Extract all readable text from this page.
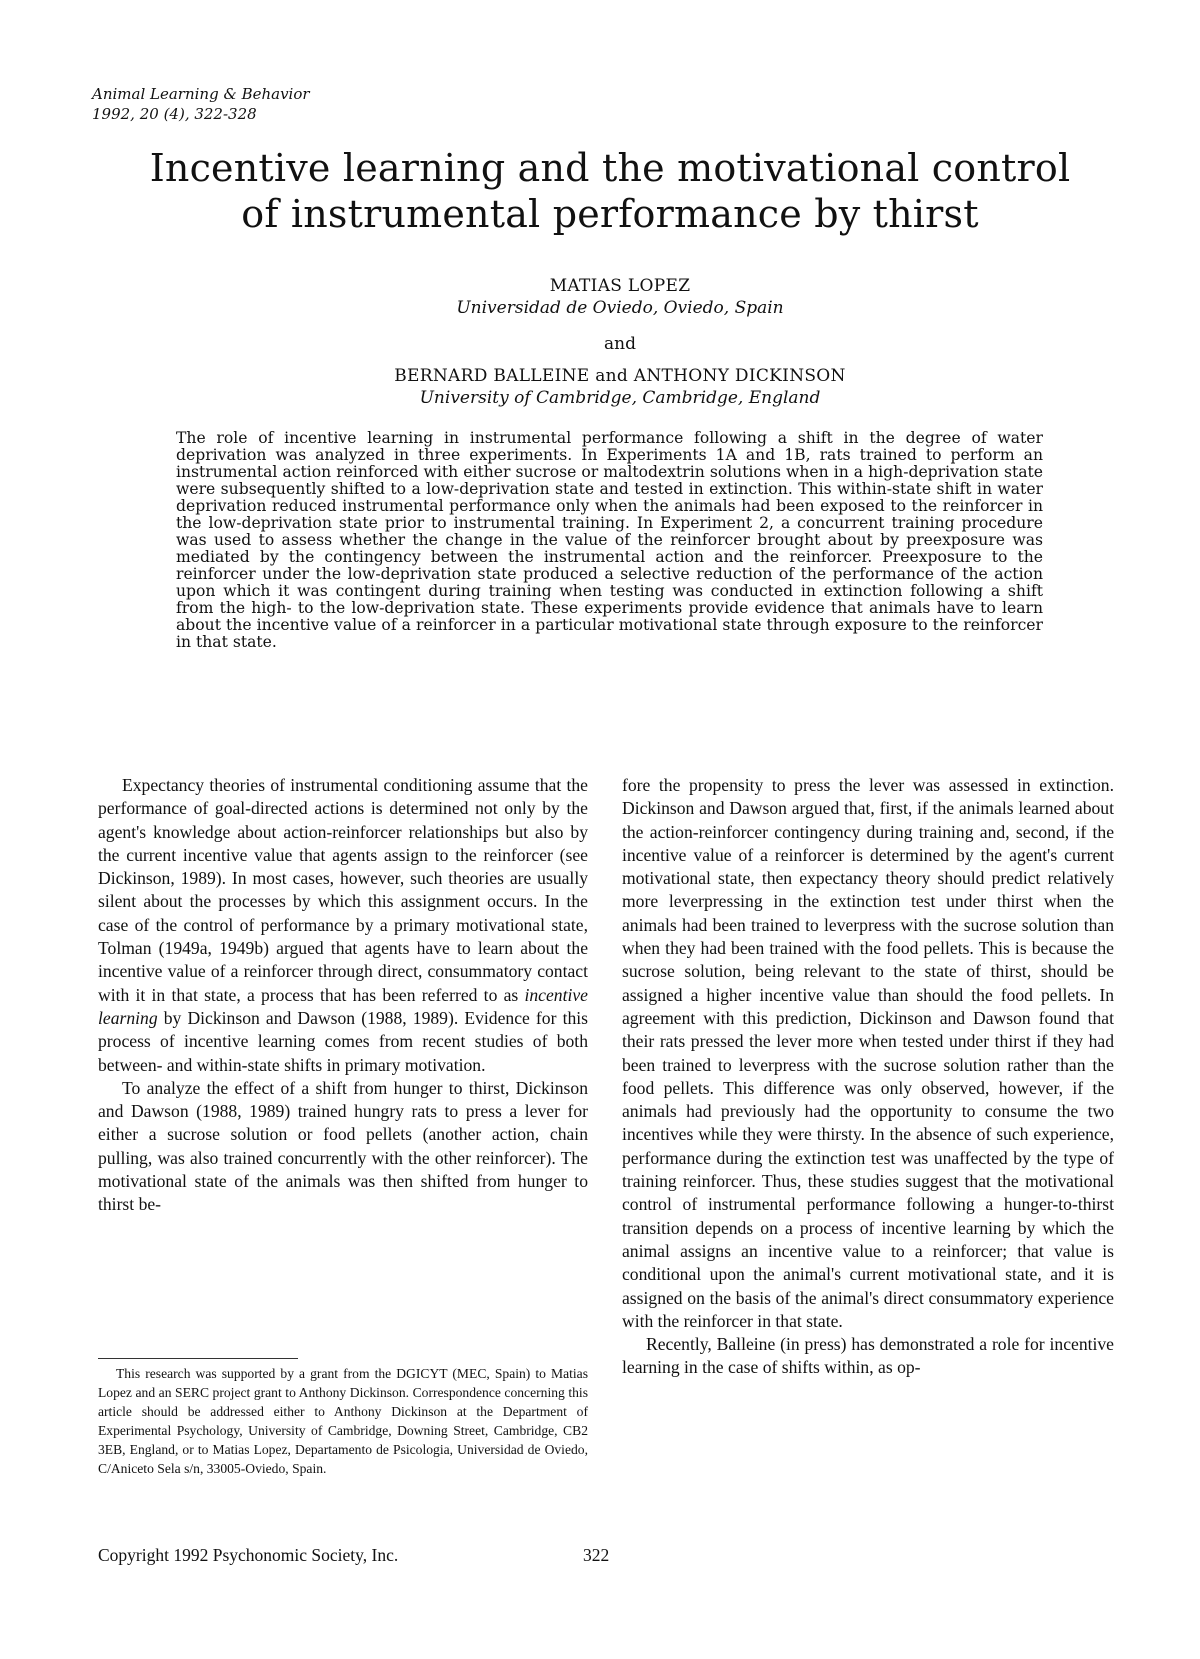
Animal Learning & Behavior
1992, 20 (4), 322-328
Incentive learning and the motivational control
of instrumental performance by thirst
MATIAS LOPEZ
Universidad de Oviedo, Oviedo, Spain
and
BERNARD BALLEINE and ANTHONY DICKINSON
University of Cambridge, Cambridge, England
The role of incentive learning in instrumental performance following a shift in the degree of water deprivation was analyzed in three experiments. In Experiments 1A and 1B, rats trained to perform an instrumental action reinforced with either sucrose or maltodextrin solutions when in a high-deprivation state were subsequently shifted to a low-deprivation state and tested in extinction. This within-state shift in water deprivation reduced instrumental performance only when the animals had been exposed to the reinforcer in the low-deprivation state prior to instrumental training. In Experiment 2, a concurrent training procedure was used to assess whether the change in the value of the reinforcer brought about by preexposure was mediated by the contingency between the instrumental action and the reinforcer. Preexposure to the reinforcer under the low-deprivation state produced a selective reduction of the performance of the action upon which it was contingent during training when testing was conducted in extinction following a shift from the high- to the low-deprivation state. These experiments provide evidence that animals have to learn about the incentive value of a reinforcer in a particular motivational state through exposure to the reinforcer in that state.

Expectancy theories of instrumental conditioning assume that the performance of goal-directed actions is determined not only by the agent's knowledge about action-reinforcer relationships but also by the current incentive value that agents assign to the reinforcer (see Dickinson, 1989). In most cases, however, such theories are usually silent about the processes by which this assignment occurs. In the case of the control of performance by a primary motivational state, Tolman (1949a, 1949b) argued that agents have to learn about the incentive value of a reinforcer through direct, consummatory contact with it in that state, a process that has been referred to as incentive learning by Dickinson and Dawson (1988, 1989). Evidence for this process of incentive learning comes from recent studies of both between- and within-state shifts in primary motivation.

To analyze the effect of a shift from hunger to thirst, Dickinson and Dawson (1988, 1989) trained hungry rats to press a lever for either a sucrose solution or food pellets (another action, chain pulling, was also trained concurrently with the other reinforcer). The motivational state of the animals was then shifted from hunger to thirst be-

fore the propensity to press the lever was assessed in extinction. Dickinson and Dawson argued that, first, if the animals learned about the action-reinforcer contingency during training and, second, if the incentive value of a reinforcer is determined by the agent's current motivational state, then expectancy theory should predict relatively more leverpressing in the extinction test under thirst when the animals had been trained to leverpress with the sucrose solution than when they had been trained with the food pellets. This is because the sucrose solution, being relevant to the state of thirst, should be assigned a higher incentive value than should the food pellets. In agreement with this prediction, Dickinson and Dawson found that their rats pressed the lever more when tested under thirst if they had been trained to leverpress with the sucrose solution rather than the food pellets. This difference was only observed, however, if the animals had previously had the opportunity to consume the two incentives while they were thirsty. In the absence of such experience, performance during the extinction test was unaffected by the type of training reinforcer. Thus, these studies suggest that the motivational control of instrumental performance following a hunger-to-thirst transition depends on a process of incentive learning by which the animal assigns an incentive value to a reinforcer; that value is conditional upon the animal's current motivational state, and it is assigned on the basis of the animal's direct consummatory experience with the reinforcer in that state.

Recently, Balleine (in press) has demonstrated a role for incentive learning in the case of shifts within, as op-

This research was supported by a grant from the DGICYT (MEC, Spain) to Matias Lopez and an SERC project grant to Anthony Dickinson. Correspondence concerning this article should be addressed either to Anthony Dickinson at the Department of Experimental Psychology, University of Cambridge, Downing Street, Cambridge, CB2 3EB, England, or to Matias Lopez, Departamento de Psicologia, Universidad de Oviedo, C/Aniceto Sela s/n, 33005-Oviedo, Spain.
Copyright 1992 Psychonomic Society, Inc.	322
